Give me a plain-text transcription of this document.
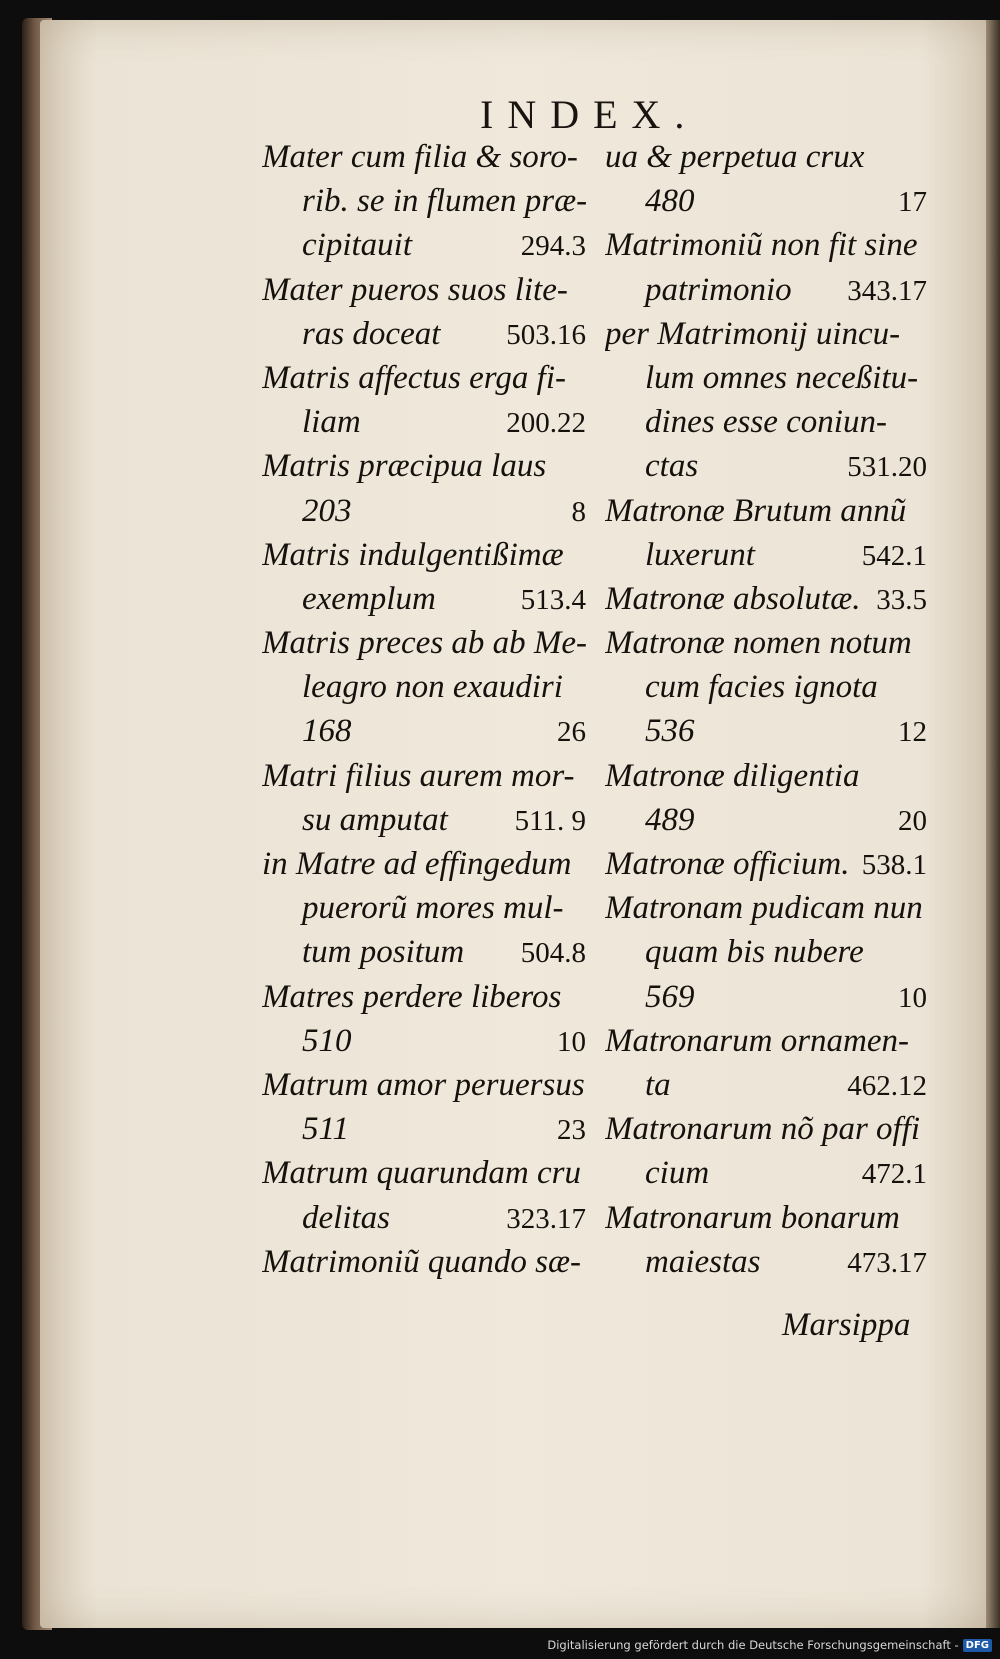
INDEX.
Mater cum filia & soro-
rib. se in flumen præ-
cipitauit	294.3
Mater pueros suos lite-
ras doceat 503.16
Matris affectus erga fi-
liam	200.22
Matris præcipua laus
203	8
Matris indulgentißimæ
exemplum	513.4
Matris preces ab ab Me-
leagro non exaudiri
168	26
Matri filius aurem mor-
su amputat 511. 9
in Matre ad effingedum
puerorũ mores mul-
tum positum 504.8
Matres perdere liberos
510	10
Matrum amor peruersus
511	23
Matrum quarundam cru
delitas	323.17
Matrimoniũ quando sæ-
ua & perpetua crux
480	17
Matrimoniũ non fit sine
patrimonio 343.17
per Matrimonij uincu-
lum omnes neceßitu-
dines esse coniun-
ctas	531.20
Matronæ Brutum annũ
luxerunt	542.1
Matronæ absolutæ. 33.5
Matronæ nomen notum
cum facies ignota
536	12
Matronæ diligentia
489	20
Matronæ officium. 538.1
Matronam pudicam nun
quam bis nubere
569	10
Matronarum ornamen-
ta	462.12
Matronarum nõ par offi
cium	472.1
Matronarum bonarum
maiestas	473.17
Marsippa
Digitalisierung gefördert durch die Deutsche Forschungsgemeinschaft - DFG
